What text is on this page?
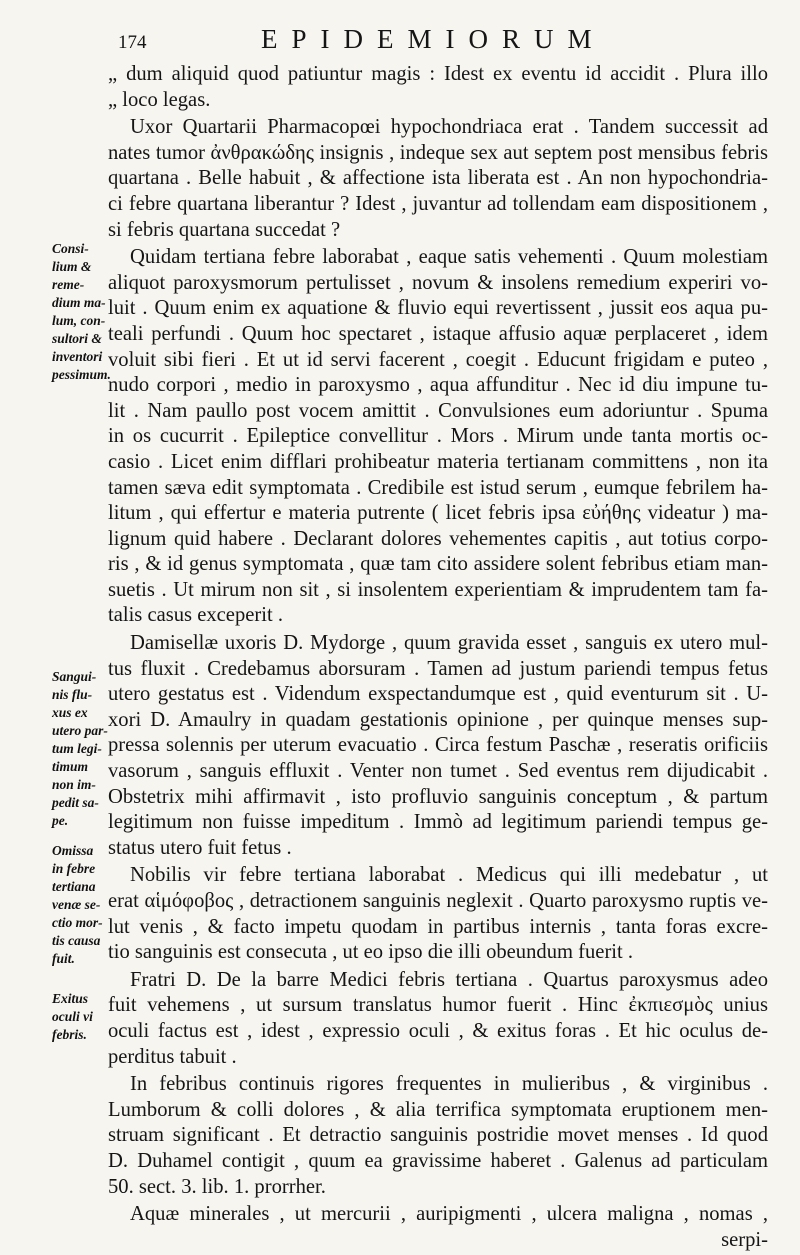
174	EPIDEMIORUM
Consi-
lium &
reme-
dium ma-
lum, con-
sultori &
inventori
pessimum.
Sangui-
nis flu-
xus ex
utero par-
tum legi-
timum
non im-
pedit sa-
pe.
Omissa
in febre
tertiana
venæ se-
ctio mor-
tis causa
fuit.
Exitus
oculi vi
febris.
„ dum aliquid quod patiuntur magis : Idest ex eventu id accidit . Plura illo
„ loco legas.
Uxor Quartarii Pharmacopœi hypochondriaca erat . Tandem successit ad
nates tumor ἀνθρακώδης insignis , indeque sex aut septem post mensibus febris
quartana . Belle habuit , & affectione ista liberata est . An non hypochondria-
ci febre quartana liberantur ? Idest , juvantur ad tollendam eam dispositionem ,
si febris quartana succedat ?
Quidam tertiana febre laborabat , eaque satis vehementi . Quum molestiam
aliquot paroxysmorum pertulisset , novum & insolens remedium experiri vo-
luit . Quum enim ex aquatione & fluvio equi revertissent , jussit eos aqua pu-
teali perfundi . Quum hoc spectaret , istaque affusio aquæ perplaceret , idem
voluit sibi fieri . Et ut id servi facerent , coegit . Educunt frigidam e puteo ,
nudo corpori , medio in paroxysmo , aqua affunditur . Nec id diu impune tu-
lit . Nam paullo post vocem amittit . Convulsiones eum adoriuntur . Spuma
in os cucurrit . Epileptice convellitur . Mors . Mirum unde tanta mortis oc-
casio . Licet enim difflari prohibeatur materia tertianam committens , non ita
tamen sæva edit symptomata . Credibile est istud serum , eumque febrilem ha-
litum , qui effertur e materia putrente ( licet febris ipsa εὐήθης videatur ) ma-
lignum quid habere . Declarant dolores vehementes capitis , aut totius corpo-
ris , & id genus symptomata , quæ tam cito assidere solent febribus etiam man-
suetis . Ut mirum non sit , si insolentem experientiam & imprudentem tam fa-
talis casus exceperit .
Damisellæ uxoris D. Mydorge , quum gravida esset , sanguis ex utero mul-
tus fluxit . Credebamus aborsuram . Tamen ad justum pariendi tempus fetus
utero gestatus est . Videndum exspectandumque est , quid eventurum sit . U-
xori D. Amaulry in quadam gestationis opinione , per quinque menses sup-
pressa solennis per uterum evacuatio . Circa festum Paschæ , reseratis orificiis
vasorum , sanguis effluxit . Venter non tumet . Sed eventus rem dijudicabit .
Obstetrix mihi affirmavit , isto profluvio sanguinis conceptum , & partum
legitimum non fuisse impeditum . Immò ad legitimum pariendi tempus ge-
status utero fuit fetus .
Nobilis vir febre tertiana laborabat . Medicus qui illi medebatur , ut
erat αἱμόφοβος , detractionem sanguinis neglexit . Quarto paroxysmo ruptis ve-
lut venis , & facto impetu quodam in partibus internis , tanta foras excre-
tio sanguinis est consecuta , ut eo ipso die illi obeundum fuerit .
Fratri D. De la barre Medici febris tertiana . Quartus paroxysmus adeo
fuit vehemens , ut sursum translatus humor fuerit . Hinc ἐκπιεσμὸς unius
oculi factus est , idest , expressio oculi , & exitus foras . Et hic oculus de-
perditus tabuit .
In febribus continuis rigores frequentes in mulieribus , & virginibus .
Lumborum & colli dolores , & alia terrifica symptomata eruptionem men-
struam significant . Et detractio sanguinis postridie movet menses . Id quod
D. Duhamel contigit , quum ea gravissime haberet . Galenus ad particulam
50. sect. 3. lib. 1. prorrher.
Aquæ minerales , ut mercurii , auripigmenti , ulcera maligna , nomas ,
serpi-
